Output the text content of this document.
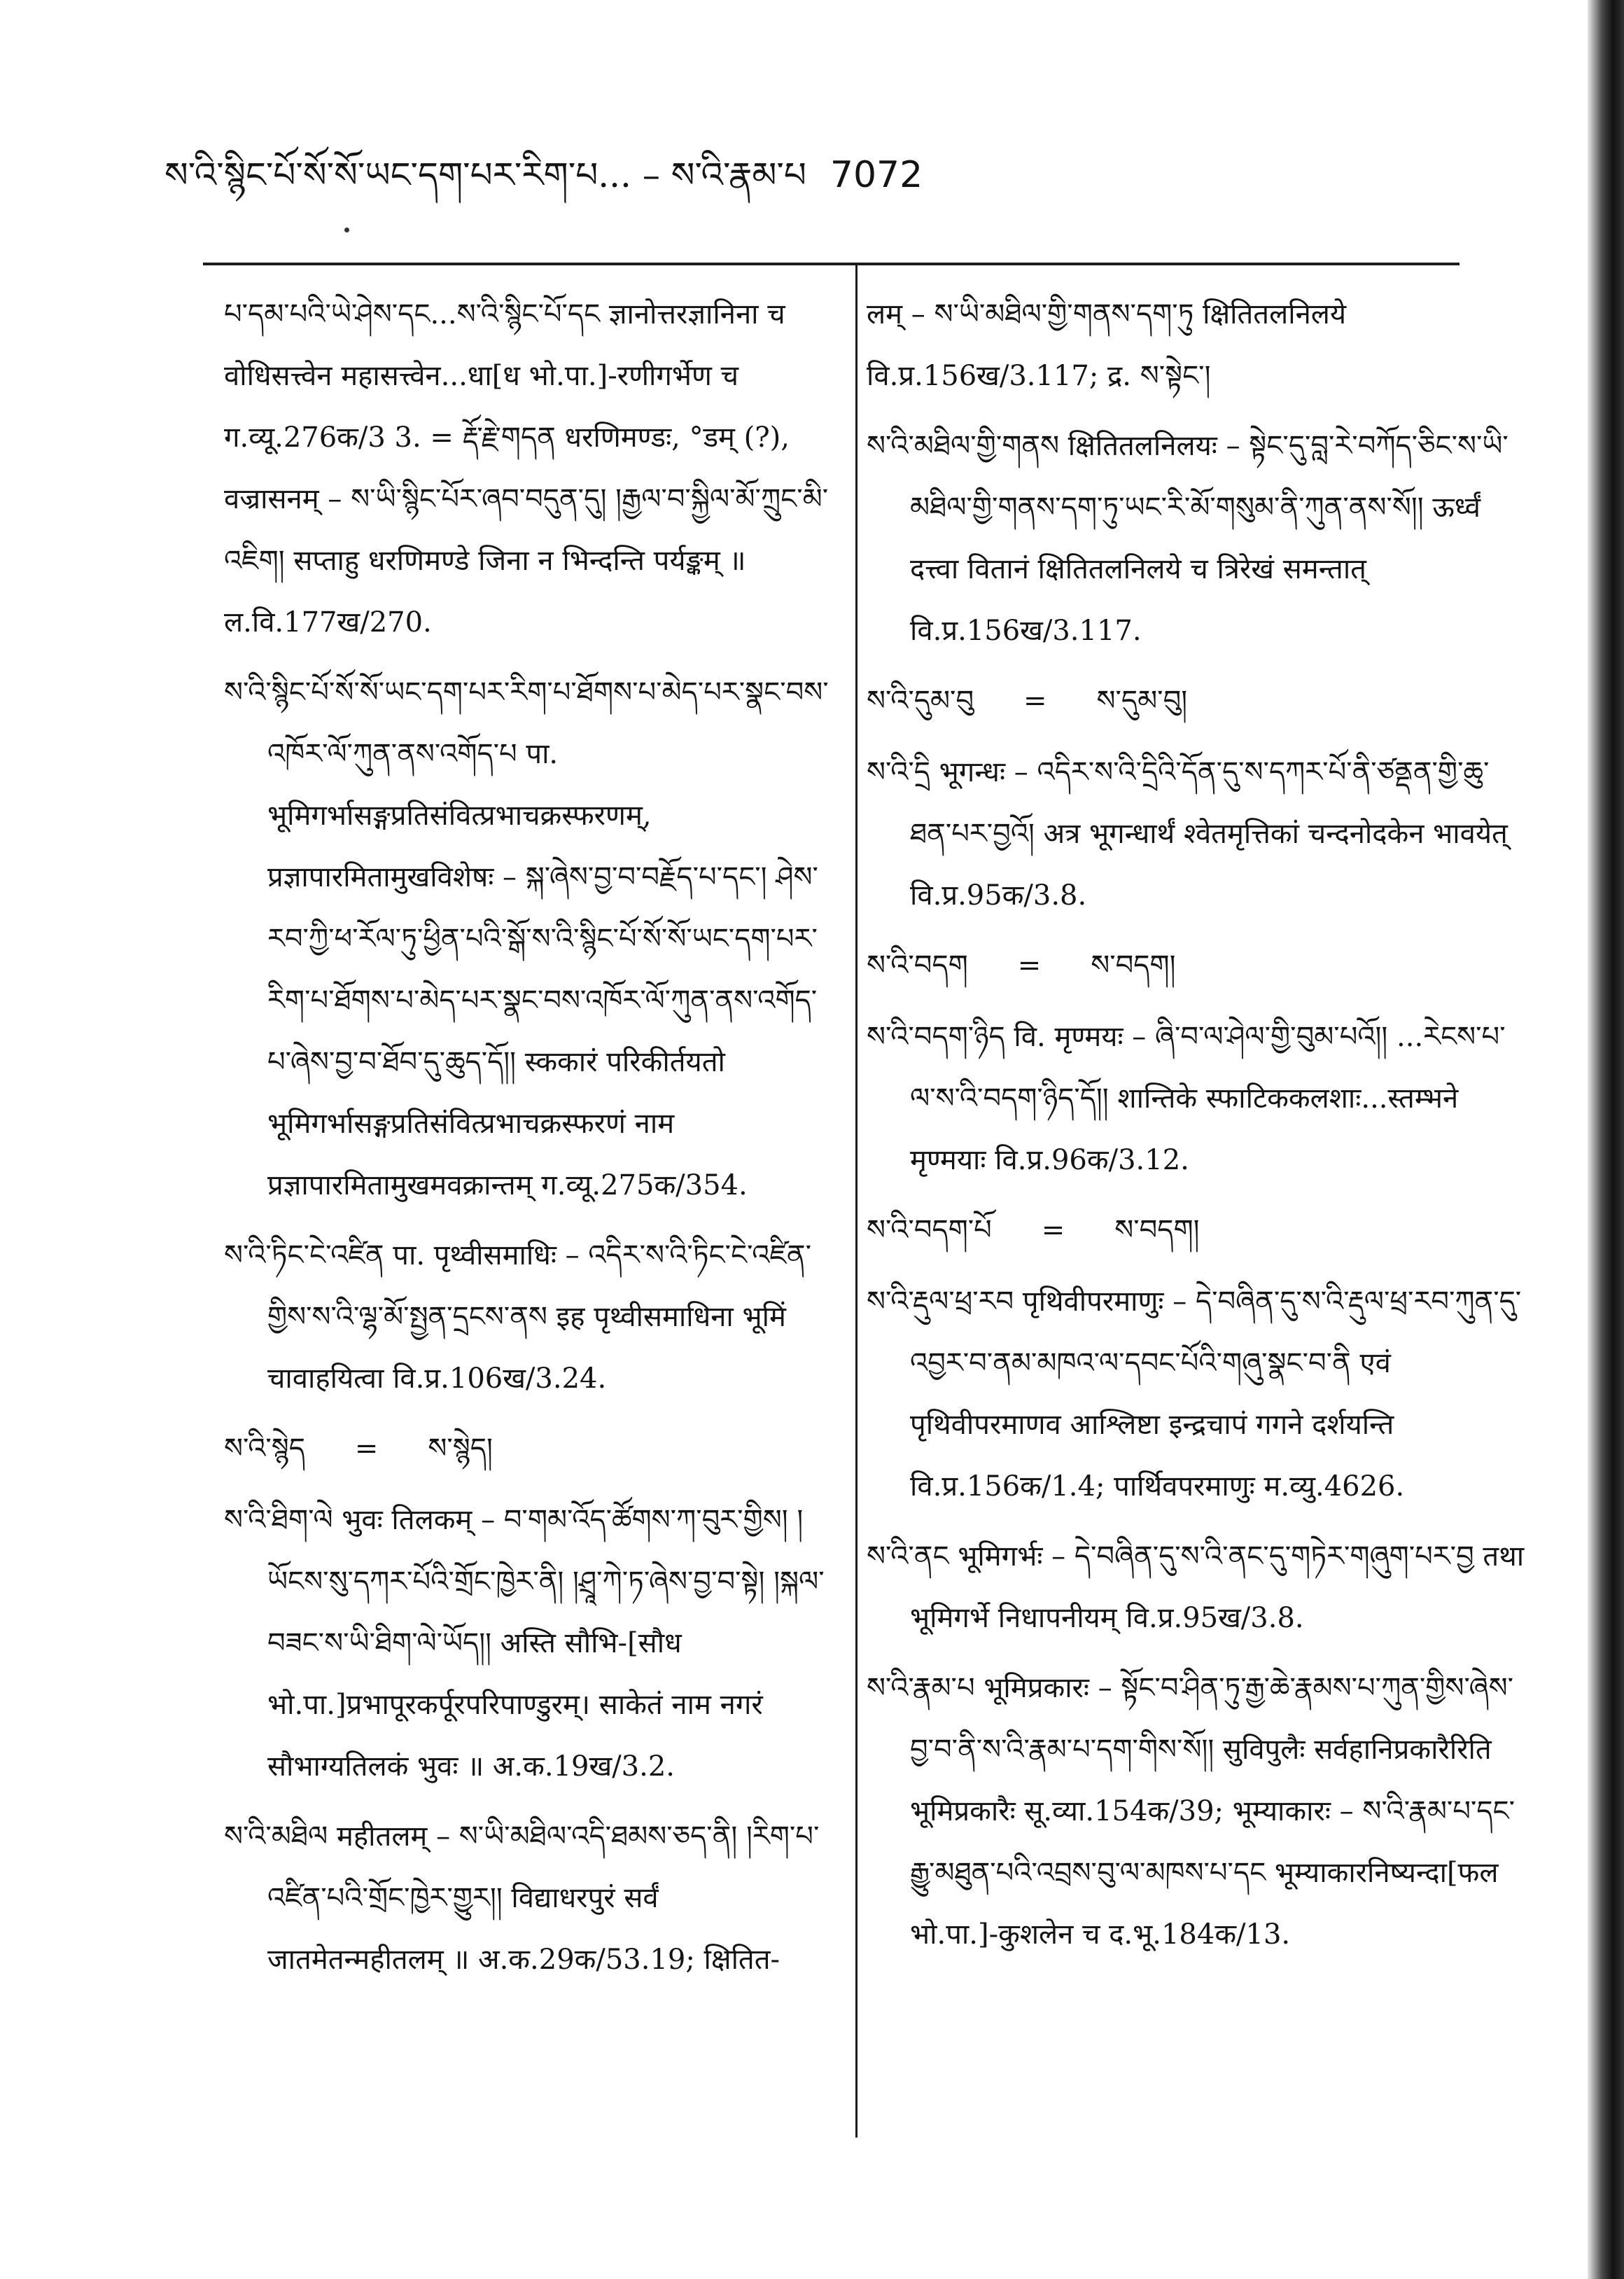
ས་འི་སྙིང་པོ་སོ་སོ་ཡང་དག་པར་རིག་པ... – ས་འི་རྣམ་པ 7072
པ་དམ་པའི་ཡེ་ཤེས་དང...ས་འི་སྙིང་པོ་དང ज्ञानोत्तरज्ञानिना च वोधिसत्त्वेन महासत्त्वेन...धा[ध भो.पा.]-रणीगर्भेण च ग.व्यू.276क/3 3. = རྡོ་རྗེ་གདན धरणिमण्डः, °डम् (?), वज्रासनम् – ས་ཡི་སྙིང་པོར་ཞབ་བདུན་དུ། །རྒྱལ་བ་སྐྱིལ་མོ་ཀྲུང་མི་འཇིག། सप्ताहु धरणिमण्डे जिना न भिन्दन्ति पर्यङ्कम् ॥ ल.वि.177ख/270.
ས་འི་སྙིང་པོ་སོ་སོ་ཡང་དག་པར་རིག་པ་ཐོགས་པ་མེད་པར་སྣང་བས་འཁོར་ལོ་ཀུན་ནས་འགོད་པ पा. भूमिगर्भासङ्गप्रतिसंवित्प्रभाचक्रस्फरणम्, प्रज्ञापारमितामुखविशेषः – སྐ་ཞེས་བྱ་བ་བརྗོད་པ་དང་། ཤེས་རབ་ཀྱི་ཕ་རོལ་ཏུ་ཕྱིན་པའི་སྒོ་ས་འི་སྙིང་པོ་སོ་སོ་ཡང་དག་པར་རིག་པ་ཐོགས་པ་མེད་པར་སྣང་བས་འཁོར་ལོ་ཀུན་ནས་འགོད་པ་ཞེས་བྱ་བ་ཐོབ་དུ་ཆུད་དོ།། स्ककारं परिकीर्तयतो भूमिगर्भासङ्गप्रतिसंवित्प्रभाचक्रस्फरणं नाम प्रज्ञापारमितामुखमवक्रान्तम् ग.व्यू.275क/354.
ས་འི་ཏིང་ངེ་འཛིན पा. पृथ्वीसमाधिः – འདིར་ས་འི་ཏིང་ངེ་འཛིན་གྱིས་ས་འི་ལྷ་མོ་སྤྱན་དྲངས་ནས इह पृथ्वीसमाधिना भूमिं चावाहयित्वा वि.प्र.106ख/3.24.
ས་འི་སྙེད = ས་སྙེད།
ས་འི་ཐིག་ལེ भुवः तिलकम् – བ་གམ་འོད་ཚོགས་ཀ་བུར་གྱིས། །ཡོངས་སུ་དཀར་པོའི་གྲོང་ཁྱེར་ནི། །ཤྲཱ་ཀེ་ཏ་ཞེས་བྱ་བ་སྟེ། །སྐལ་བཟང་ས་ཡི་ཐིག་ལེ་ཡོད།། अस्ति सौभि-[सौध भो.पा.]प्रभापूरकर्पूरपरिपाण्डुरम्। साकेतं नाम नगरं सौभाग्यतिलकं भुवः ॥ अ.क.19ख/3.2.
ས་འི་མཐིལ महीतलम् – ས་ཡི་མཐིལ་འདི་ཐམས་ཅད་ནི། །རིག་པ་འཛིན་པའི་གྲོང་ཁྱེར་གྱུར།། विद्याधरपुरं सर्वं जातमेतन्महीतलम् ॥ अ.क.29क/53.19; क्षितित-
लम् – ས་ཡི་མཐིལ་གྱི་གནས་དག་ཏུ क्षितितलनिलये वि.प्र.156ख/3.117; द्र. ས་སྟེང་།
ས་འི་མཐིལ་གྱི་གནས क्षितितलनिलयः – སྟེང་དུ་བླ་རེ་བཀོད་ཅིང་ས་ཡི་མཐིལ་གྱི་གནས་དག་ཏུ་ཡང་རི་མོ་གསུམ་ནི་ཀུན་ནས་སོ།། ऊर्ध्वं दत्त्वा वितानं क्षितितलनिलये च त्रिरेखं समन्तात् वि.प्र.156ख/3.117.
ས་འི་དུམ་བུ = ས་དུམ་བུ།
ས་འི་དྲི भूगन्धः – འདིར་ས་འི་དྲིའི་དོན་དུ་ས་དཀར་པོ་ནི་ཙནྡན་གྱི་ཆུ་ཐན་པར་བྱའོ། अत्र भूगन्धार्थं श्वेतमृत्तिकां चन्दनोदकेन भावयेत् वि.प्र.95क/3.8.
ས་འི་བདག = ས་བདག།
ས་འི་བདག་ཉིད वि. मृण्मयः – ཞི་བ་ལ་ཤེལ་གྱི་བུམ་པའོ།། ...རེངས་པ་ལ་ས་འི་བདག་ཉིད་དོ།། शान्तिके स्फाटिककलशाः...स्तम्भने मृण्मयाः वि.प्र.96क/3.12.
ས་འི་བདག་པོ = ས་བདག།
ས་འི་རྡུལ་ཕྲ་རབ पृथिवीपरमाणुः – དེ་བཞིན་དུ་ས་འི་རྡུལ་ཕྲ་རབ་ཀུན་དུ་འབྱར་བ་ནམ་མཁའ་ལ་དབང་པོའི་གཞུ་སྣང་བ་ནི एवं पृथिवीपरमाणव आश्लिष्टा इन्द्रचापं गगने दर्शयन्ति वि.प्र.156क/1.4; पार्थिवपरमाणुः म.व्यु.4626.
ས་འི་ནང भूमिगर्भः – དེ་བཞིན་དུ་ས་འི་ནང་དུ་གཏེར་གཞུག་པར་བྱ तथा भूमिगर्भे निधापनीयम् वि.प्र.95ख/3.8.
ས་འི་རྣམ་པ भूमिप्रकारः – སྟོང་བ་ཤིན་ཏུ་རྒྱ་ཆེ་རྣམས་པ་ཀུན་གྱིས་ཞེས་བྱ་བ་ནི་ས་འི་རྣམ་པ་དག་གིས་སོ།། सुविपुलैः सर्वहानिप्रकारैरिति भूमिप्रकारैः सू.व्या.154क/39; भूम्याकारः – ས་འི་རྣམ་པ་དང་རྒྱུ་མཐུན་པའི་འབྲས་བུ་ལ་མཁས་པ་དང भूम्याकारनिष्यन्दा[फल भो.पा.]-कुशलेन च द.भू.184क/13.
